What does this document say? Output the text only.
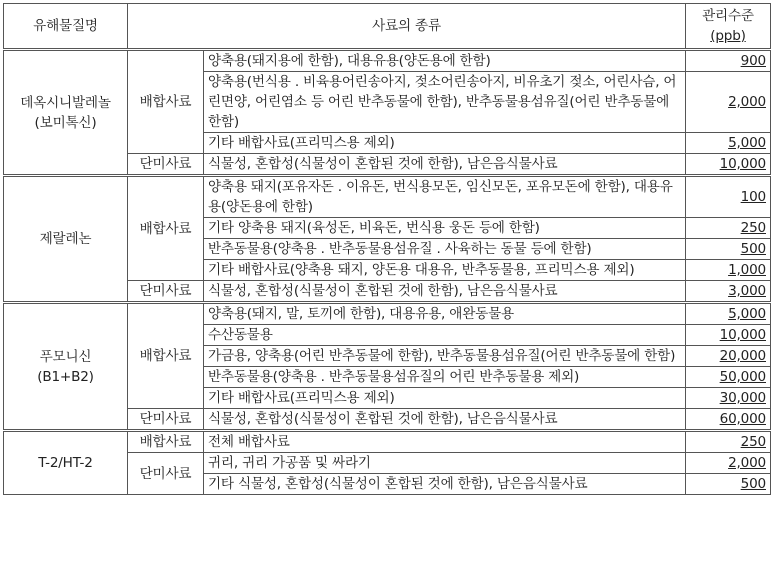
유해물질명	사료의 종류		관리수준
(ppb)

데옥시니발레놀
(보미톡신)	배합사료	양축용(돼지용에 한함), 대용유용(양돈용에 한함)	900
		양축용(번식용 . 비육용어린송아지, 젖소어린송아지, 비유초기 젖소, 어린사슴, 어린면양, 어린염소 등 어린 반추동물에 한함), 반추동물용섬유질(어린 반추동물에 한함)	2,000
		기타 배합사료(프리믹스용 제외)	5,000
	단미사료	식물성, 혼합성(식물성이 혼합된 것에 한함), 남은음식물사료	10,000

제랄레논	배합사료	양축용 돼지(포유자돈 . 이유돈, 번식용모돈, 임신모돈, 포유모돈에 한함), 대용유용(양돈용에 한함)	100
		기타 양축용 돼지(육성돈, 비육돈, 번식용 웅돈 등에 한함)	250
		반추동물용(양축용 . 반추동물용섬유질 . 사육하는 동물 등에 한함)	500
		기타 배합사료(양축용 돼지, 양돈용 대용유, 반추동물용, 프리믹스용 제외)	1,000
	단미사료	식물성, 혼합성(식물성이 혼합된 것에 한함), 남은음식물사료	3,000

푸모니신
(B1+B2)	배합사료	양축용(돼지, 말, 토끼에 한함), 대용유용, 애완동물용	5,000
		수산동물용	10,000
		가금용, 양축용(어린 반추동물에 한함), 반추동물용섬유질(어린 반추동물에 한함)	20,000
		반추동물용(양축용 . 반추동물용섬유질의 어린 반추동물용 제외)	50,000
		기타 배합사료(프리믹스용 제외)	30,000
	단미사료	식물성, 혼합성(식물성이 혼합된 것에 한함), 남은음식물사료	60,000

T-2/HT-2	배합사료	전체 배합사료	250
	단미사료	귀리, 귀리 가공품 및 싸라기	2,000
		기타 식물성, 혼합성(식물성이 혼합된 것에 한함), 남은음식물사료	500
